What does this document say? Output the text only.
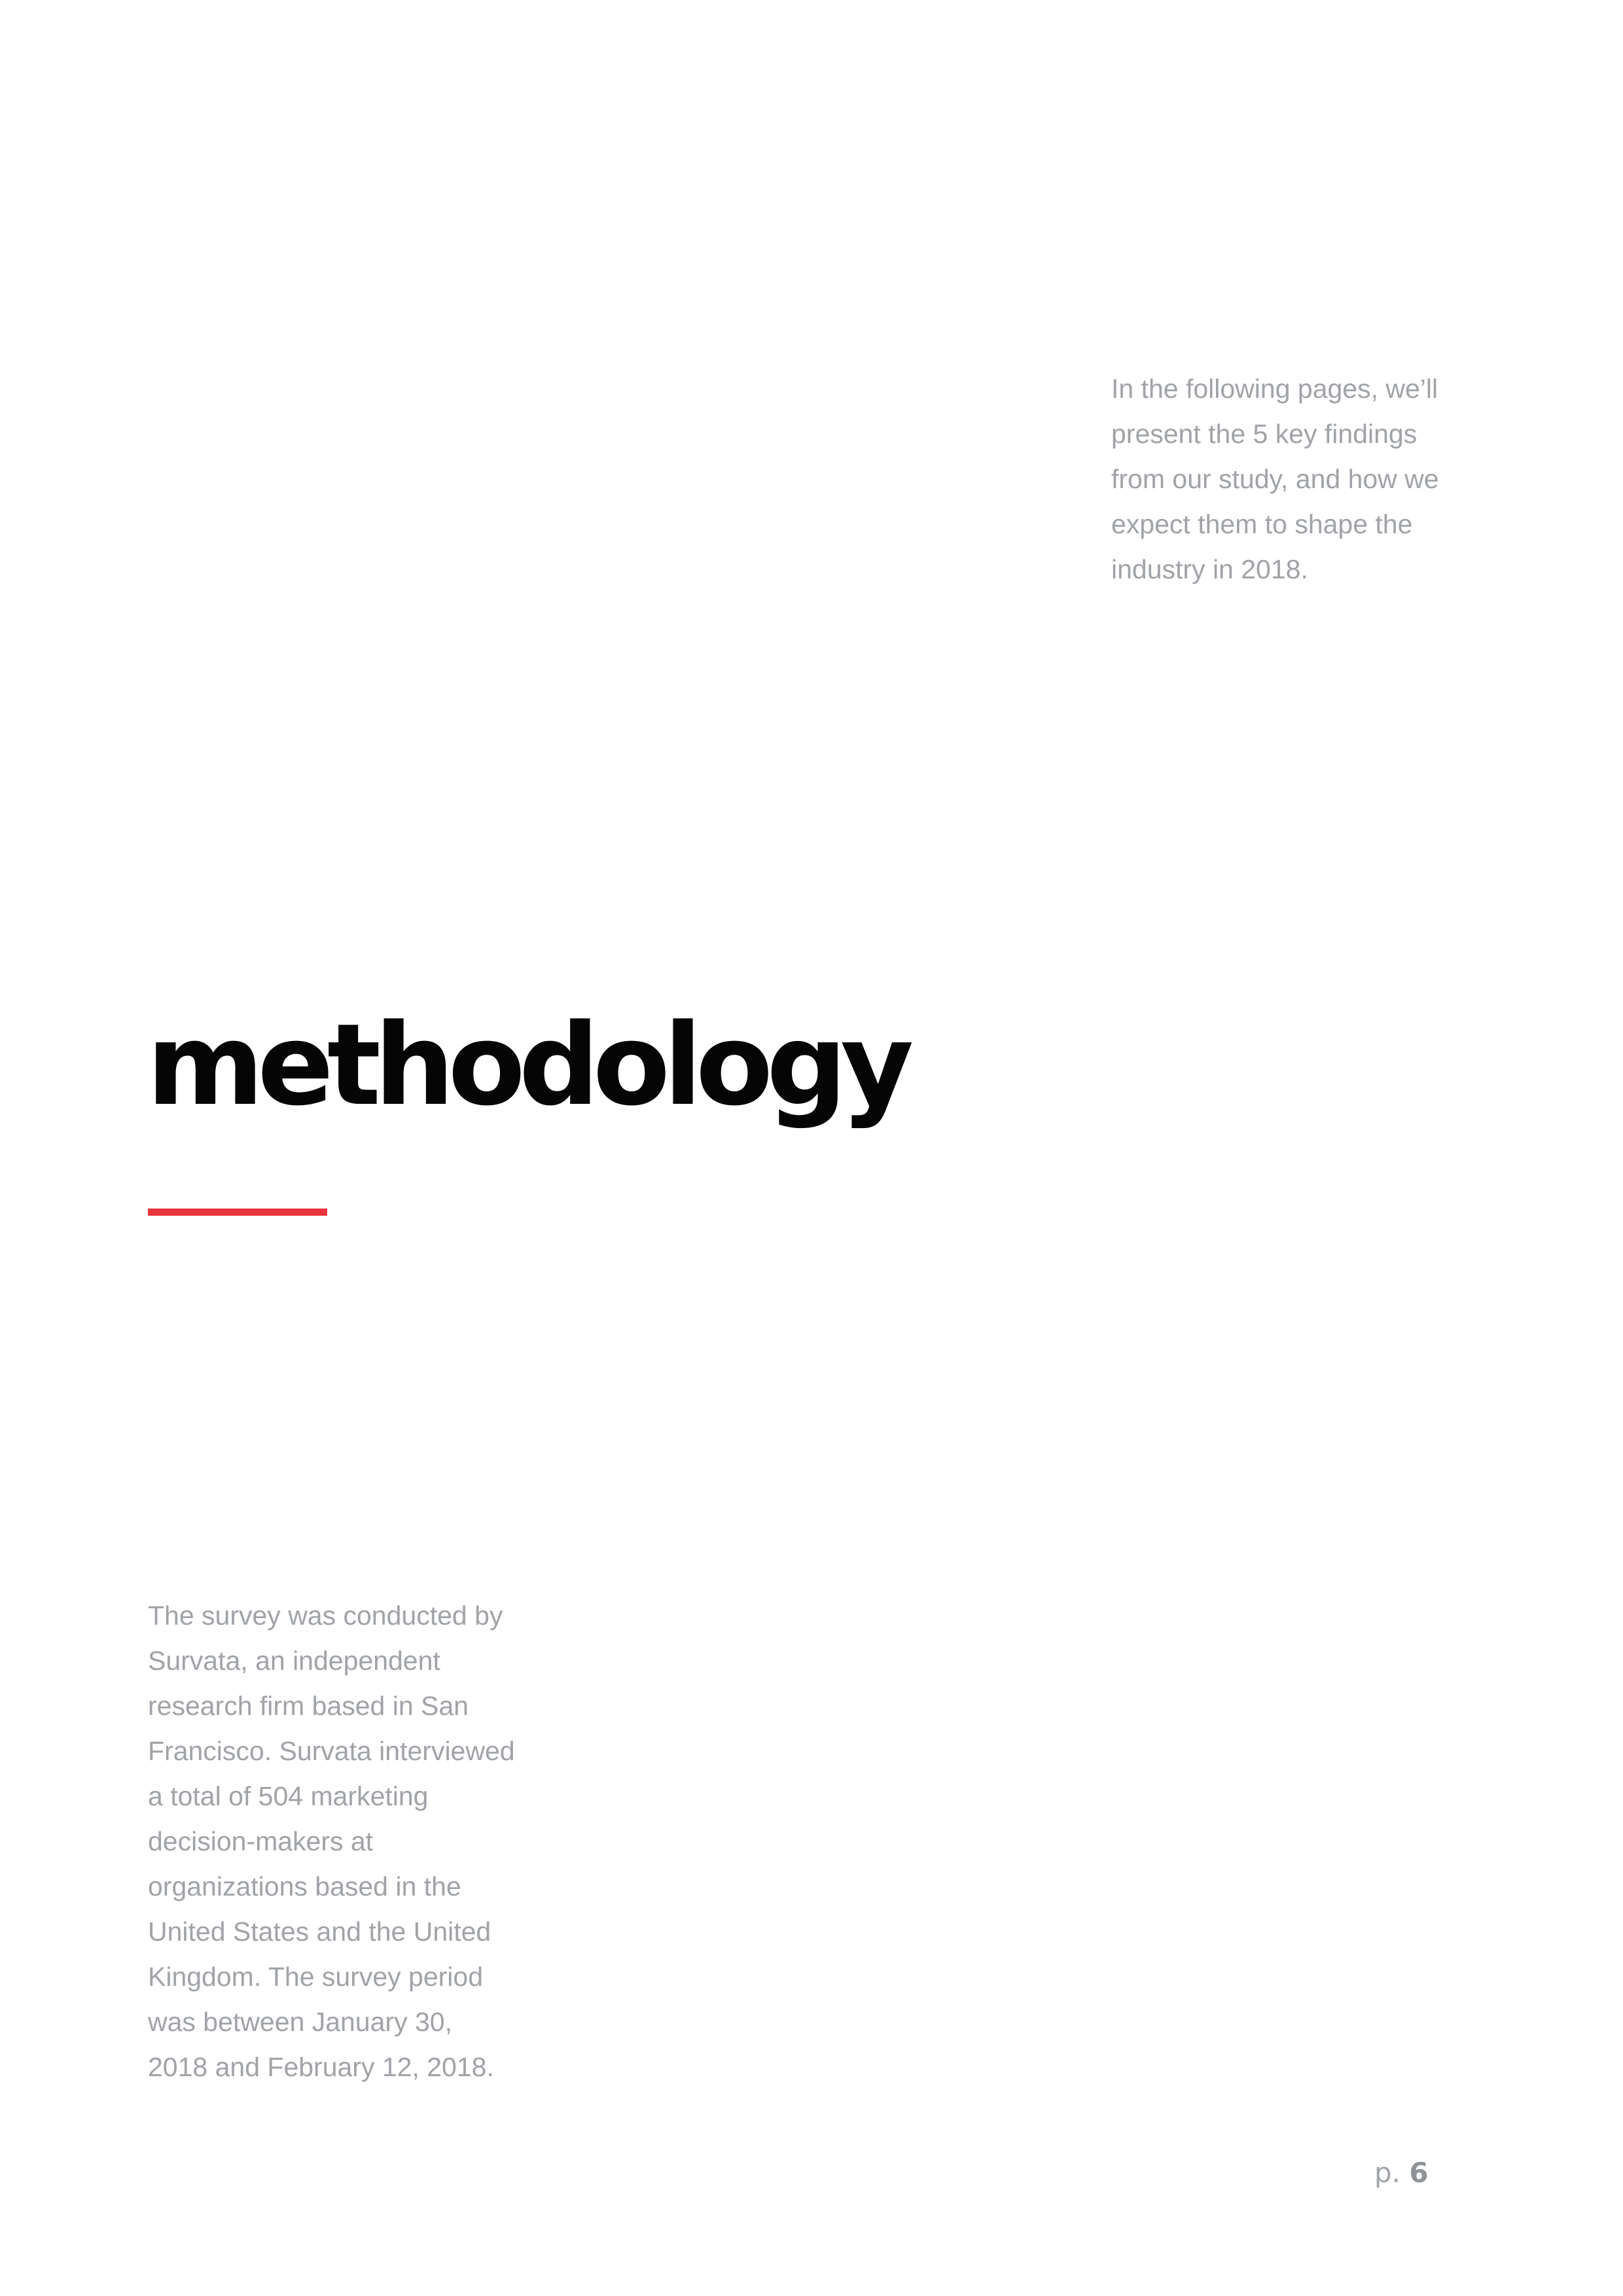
In the following pages, we’ll
present the 5 key findings
from our study, and how we
expect them to shape the
industry in 2018.

methodology

The survey was conducted by
Survata, an independent
research firm based in San
Francisco. Survata interviewed
a total of 504 marketing
decision-makers at
organizations based in the
United States and the United
Kingdom. The survey period
was between January 30,
2018 and February 12, 2018.

p. 6
